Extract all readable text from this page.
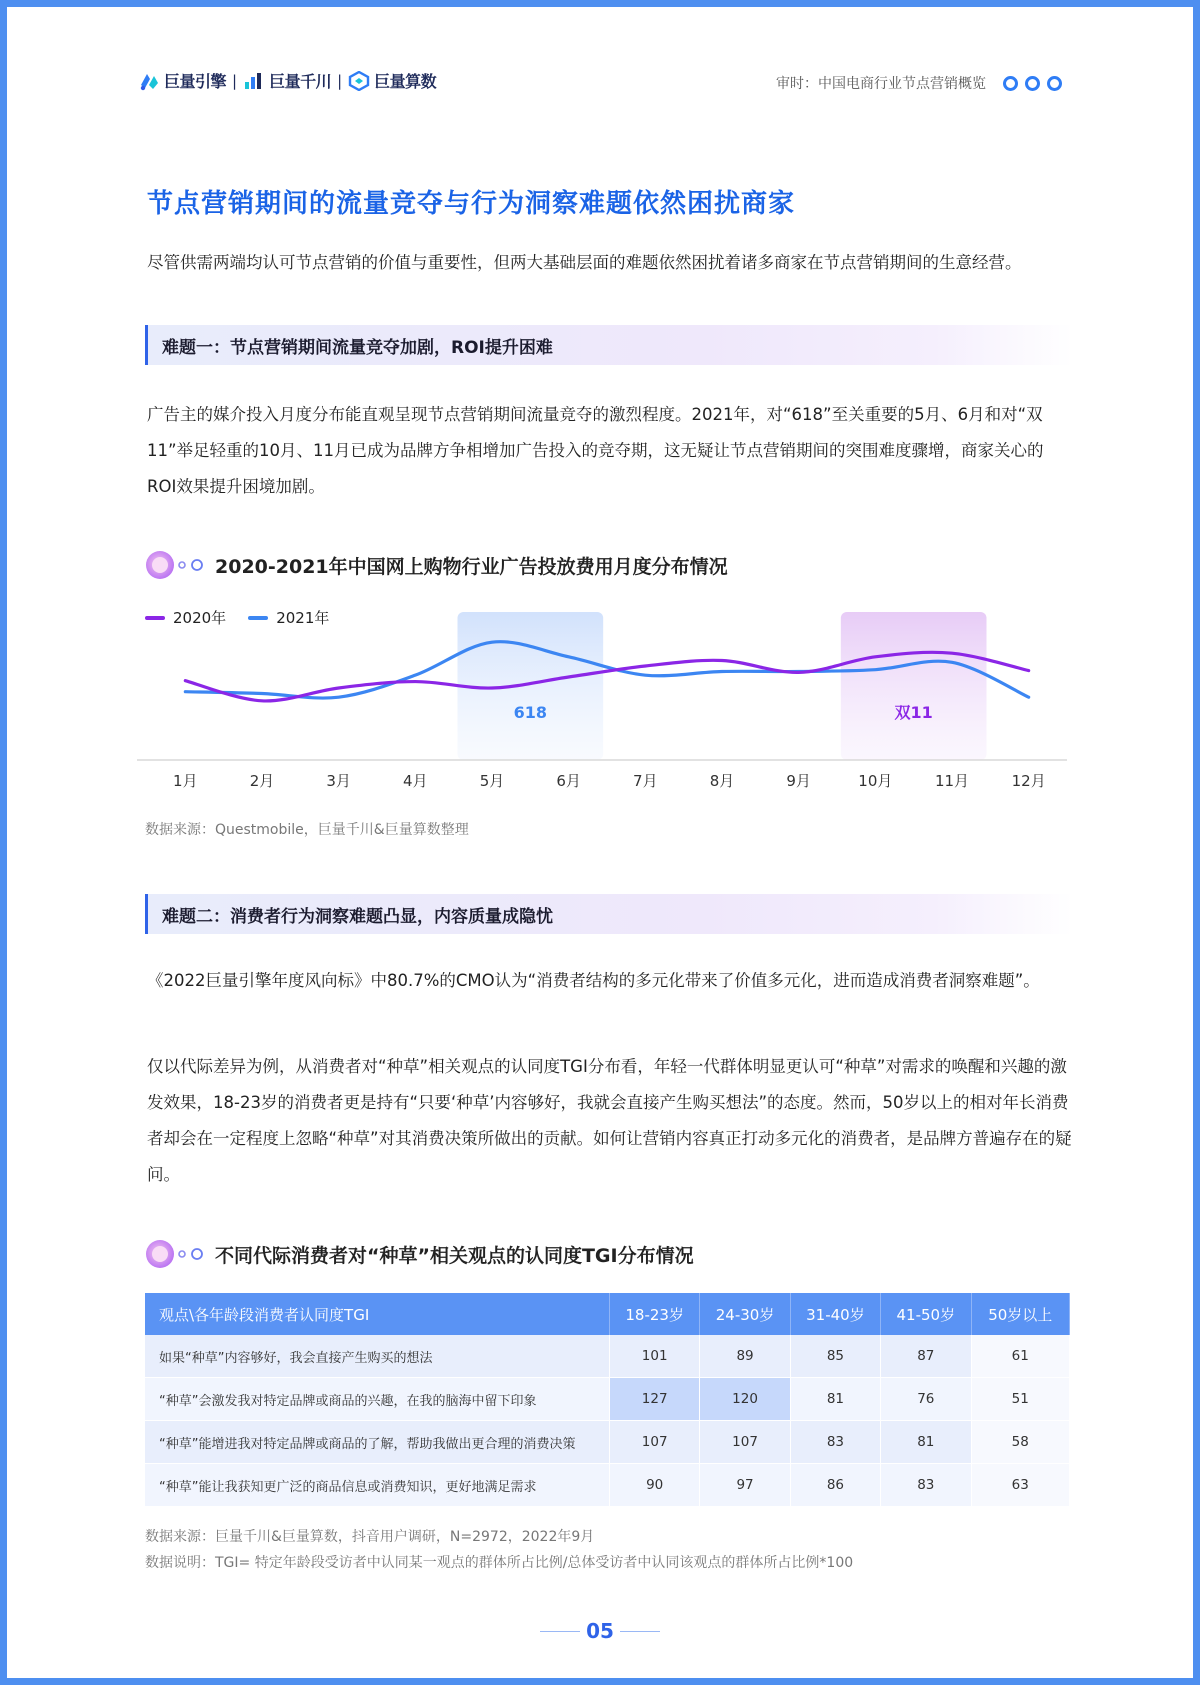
巨量引擎 | 巨量千川 | 巨量算数	审时：中国电商行业节点营销概览
节点营销期间的流量竞夺与行为洞察难题依然困扰商家
尽管供需两端均认可节点营销的价值与重要性，但两大基础层面的难题依然困扰着诸多商家在节点营销期间的生意经营。
难题一：节点营销期间流量竞夺加剧，ROI提升困难
广告主的媒介投入月度分布能直观呈现节点营销期间流量竞夺的激烈程度。2021年，对“618”至关重要的5月、6月和对“双11”举足轻重的10月、11月已成为品牌方争相增加广告投入的竞夺期，这无疑让节点营销期间的突围难度骤增，商家关心的ROI效果提升困境加剧。
2020-2021年中国网上购物行业广告投放费用月度分布情况
2020年	2021年
618	双11
1月	2月	3月	4月	5月	6月	7月	8月	9月	10月	11月	12月
数据来源：Questmobile，巨量千川&巨量算数整理
难题二：消费者行为洞察难题凸显，内容质量成隐忧
《2022巨量引擎年度风向标》中80.7%的CMO认为“消费者结构的多元化带来了价值多元化，进而造成消费者洞察难题”。
仅以代际差异为例，从消费者对“种草”相关观点的认同度TGI分布看，年轻一代群体明显更认可“种草”对需求的唤醒和兴趣的激发效果，18-23岁的消费者更是持有“只要‘种草’内容够好，我就会直接产生购买想法”的态度。然而，50岁以上的相对年长消费者却会在一定程度上忽略“种草”对其消费决策所做出的贡献。如何让营销内容真正打动多元化的消费者，是品牌方普遍存在的疑问。
不同代际消费者对“种草”相关观点的认同度TGI分布情况
观点\各年龄段消费者认同度TGI	18-23岁	24-30岁	31-40岁	41-50岁	50岁以上
如果“种草”内容够好，我会直接产生购买的想法	101	89	85	87	61
“种草”会激发我对特定品牌或商品的兴趣，在我的脑海中留下印象	127	120	81	76	51
“种草”能增进我对特定品牌或商品的了解，帮助我做出更合理的消费决策	107	107	83	81	58
“种草”能让我获知更广泛的商品信息或消费知识，更好地满足需求	90	97	86	83	63
数据来源：巨量千川&巨量算数，抖音用户调研，N=2972，2022年9月
数据说明：TGI= 特定年龄段受访者中认同某一观点的群体所占比例/总体受访者中认同该观点的群体所占比例*100
05
